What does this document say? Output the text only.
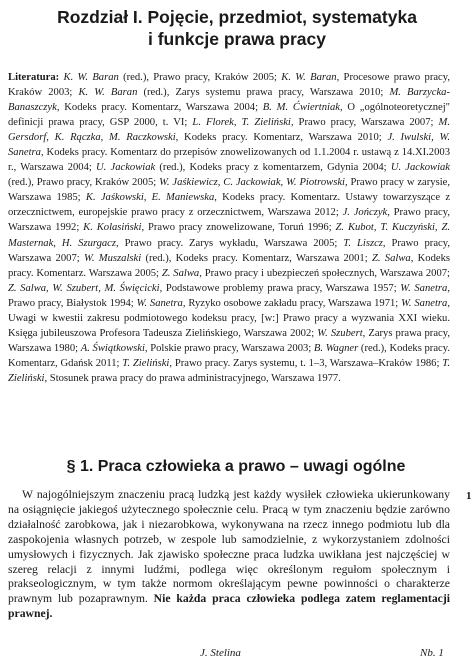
Rozdział I. Pojęcie, przedmiot, systematyka
i funkcje prawa pracy

Literatura: K. W. Baran (red.), Prawo pracy, Kraków 2005; K. W. Baran, Procesowe prawo pracy, Kraków 2003; K. W. Baran (red.), Zarys systemu prawa pracy, Warszawa 2010; M. Barzycka-Banaszczyk, Kodeks pracy. Komentarz, Warszawa 2004; B. M. Ćwiertniak, O „ogólnoteoretycznej" definicji prawa pracy, GSP 2000, t. VI; L. Florek, T. Zieliński, Prawo pracy, Warszawa 2007; M. Gersdorf, K. Rączka, M. Raczkowski, Kodeks pracy. Komentarz, Warszawa 2010; J. Iwulski, W. Sanetra, Kodeks pracy. Komentarz do przepisów znowelizowanych od 1.1.2004 r. ustawą z 14.XI.2003 r., Warszawa 2004; U. Jackowiak (red.), Kodeks pracy z komentarzem, Gdynia 2004; U. Jackowiak (red.), Prawo pracy, Kraków 2005; W. Jaśkiewicz, C. Jackowiak, W. Piotrowski, Prawo pracy w zarysie, Warszawa 1985; K. Jaśkowski, E. Maniewska, Kodeks pracy. Komentarz. Ustawy towarzyszące z orzecznictwem, europejskie prawo pracy z orzecznictwem, Warszawa 2012; J. Jończyk, Prawo pracy, Warszawa 1992; K. Kolasiński, Prawo pracy znowelizowane, Toruń 1996; Z. Kubot, T. Kuczyński, Z. Masternak, H. Szurgacz, Prawo pracy. Zarys wykładu, Warszawa 2005; T. Liszcz, Prawo pracy, Warszawa 2007; W. Muszalski (red.), Kodeks pracy. Komentarz, Warszawa 2001; Z. Salwa, Kodeks pracy. Komentarz. Warszawa 2005; Z. Salwa, Prawo pracy i ubezpieczeń społecznych, Warszawa 2007; Z. Salwa, W. Szubert, M. Święcicki, Podstawowe problemy prawa pracy, Warszawa 1957; W. Sanetra, Prawo pracy, Białystok 1994; W. Sanetra, Ryzyko osobowe zakładu pracy, Warszawa 1971; W. Sanetra, Uwagi w kwestii zakresu podmiotowego kodeksu pracy, [w:] Prawo pracy a wyzwania XXI wieku. Księga jubileuszowa Profesora Tadeusza Zielińskiego, Warszawa 2002; W. Szubert, Zarys prawa pracy, Warszawa 1980; A. Świątkowski, Polskie prawo pracy, Warszawa 2003; B. Wagner (red.), Kodeks pracy. Komentarz, Gdańsk 2011; T. Zieliński, Prawo pracy. Zarys systemu, t. 1–3, Warszawa–Kraków 1986; T. Zieliński, Stosunek prawa pracy do prawa administracyjnego, Warszawa 1977.

§ 1. Praca człowieka a prawo – uwagi ogólne
1

W najogólniejszym znaczeniu pracą ludzką jest każdy wysiłek człowieka ukierunkowany na osiągnięcie jakiegoś użytecznego społecznie celu. Pracą w tym znaczeniu będzie zarówno działalność zarobkowa, jak i niezarobkowa, wykonywana na rzecz innego podmiotu lub dla zaspokojenia własnych potrzeb, w zespole lub samodzielnie, z wykorzystaniem zdolności umysłowych i fizycznych. Jak zjawisko społeczne praca ludzka uwikłana jest najczęściej w szereg relacji z innymi ludźmi, podlega więc określonym regułom społecznym i prakseologicznym, w tym także normom określającym pewne powinności o charakterze prawnym lub pozaprawnym. Nie każda praca człowieka podlega zatem reglamentacji prawnej.

J. Stelina	Nb. 1
